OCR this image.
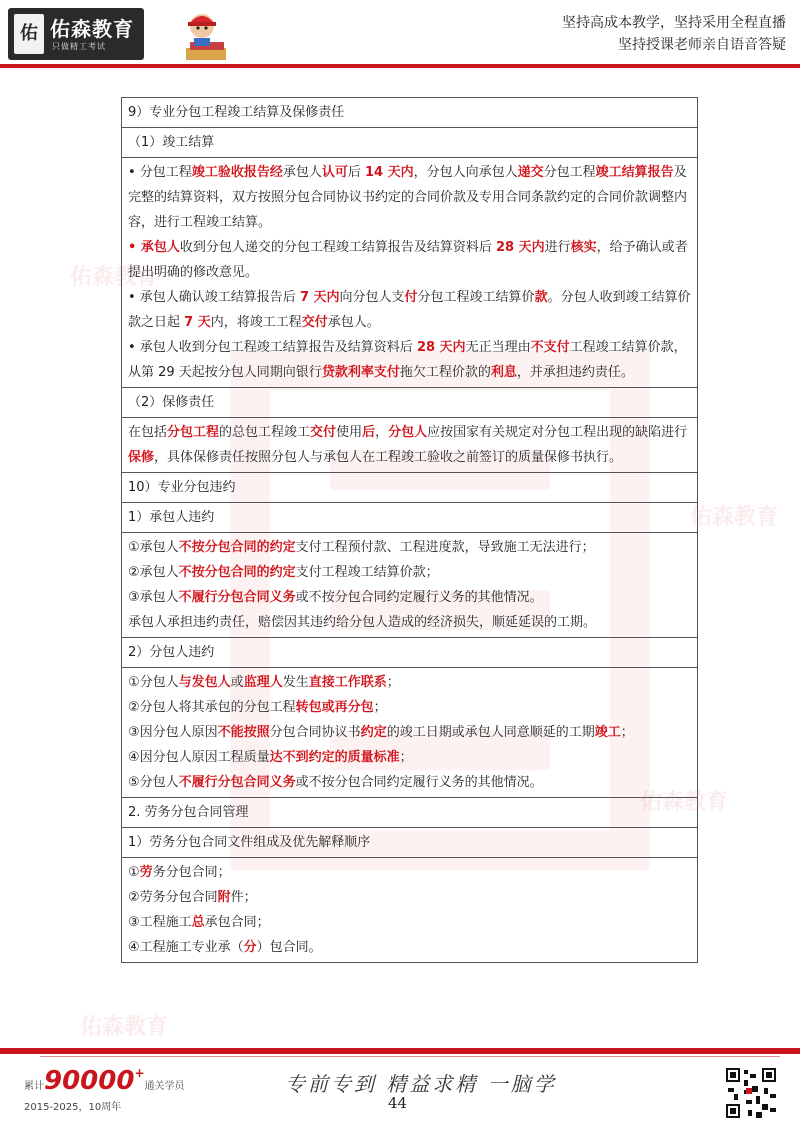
佑 佑森教育
只做精工考试
坚持高成本教学，坚持采用全程直播
坚持授课老师亲自语音答疑
佑森教育
佑森教育
佑森教育
佑森教育
9）专业分包工程竣工结算及保修责任
（1）竣工结算

• 分包工程竣工验收报告经承包人认可后 14 天内，分包人向承包人递交分包工程竣工结算报告及完整的结算资料，双方按照分包合同协议书约定的合同价款及专用合同条款约定的合同价款调整内容，进行工程竣工结算。
• 承包人收到分包人递交的分包工程竣工结算报告及结算资料后 28 天内进行核实，给予确认或者提出明确的修改意见。
• 承包人确认竣工结算报告后 7 天内向分包人支付分包工程竣工结算价款。分包人收到竣工结算价款之日起 7 天内，将竣工工程交付承包人。
• 承包人收到分包工程竣工结算报告及结算资料后 28 天内无正当理由不支付工程竣工结算价款，从第 29 天起按分包人同期向银行贷款利率支付拖欠工程价款的利息，并承担违约责任。

（2）保修责任
在包括分包工程的总包工程竣工交付使用后，分包人应按国家有关规定对分包工程出现的缺陷进行保修，具体保修责任按照分包人与承包人在工程竣工验收之前签订的质量保修书执行。
10）专业分包违约
1）承包人违约

①承包人不按分包合同的约定支付工程预付款、工程进度款，导致施工无法进行；
②承包人不按分包合同的约定支付工程竣工结算价款；
③承包人不履行分包合同义务或不按分包合同约定履行义务的其他情况。
承包人承担违约责任，赔偿因其违约给分包人造成的经济损失，顺延延误的工期。

2）分包人违约

①分包人与发包人或监理人发生直接工作联系；
②分包人将其承包的分包工程转包或再分包；
③因分包人原因不能按照分包合同协议书约定的竣工日期或承包人同意顺延的工期竣工；
④因分包人原因工程质量达不到约定的质量标准；
⑤分包人不履行分包合同义务或不按分包合同约定履行义务的其他情况。

2. 劳务分包合同管理
1）劳务分包合同文件组成及优先解释顺序

①劳务分包合同；
②劳务分包合同附件；
③工程施工总承包合同；
④工程施工专业承（分）包合同。
累计90000+通关学员
2015-2025，10周年
专前专到 精益求精 一脑学
44
